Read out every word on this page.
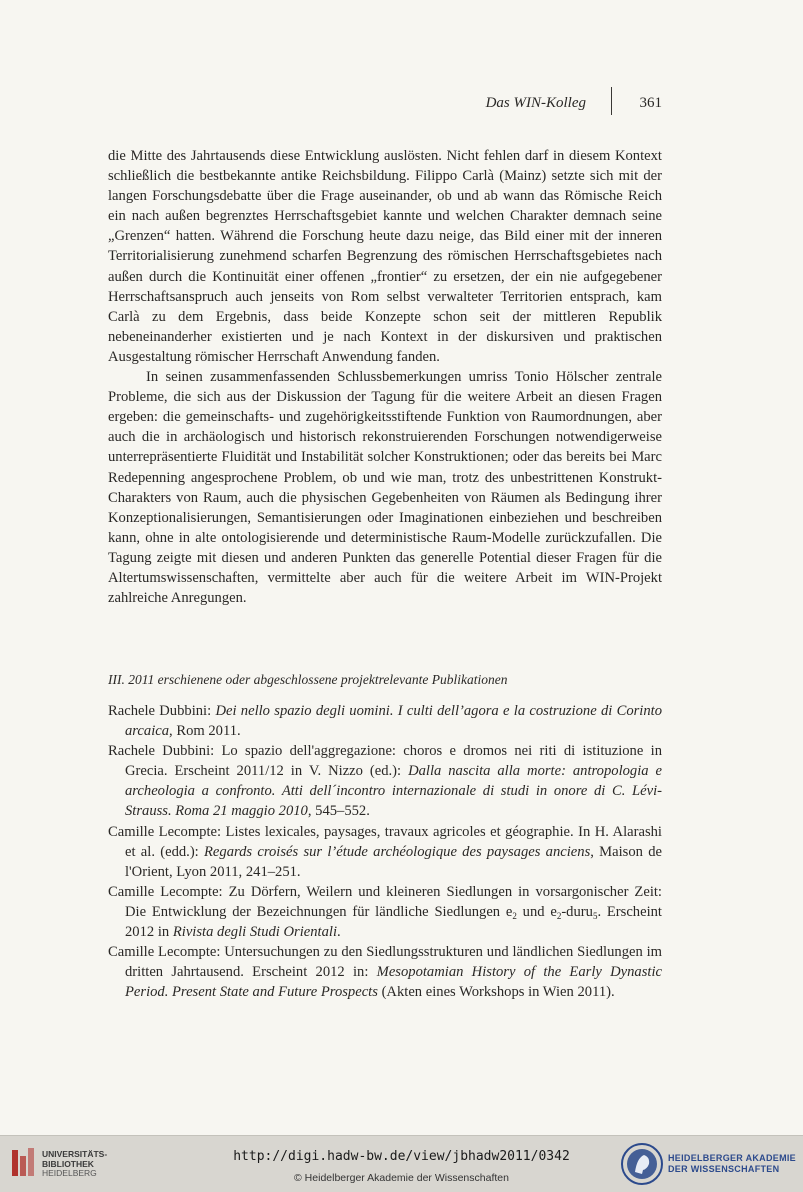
Das WIN-Kolleg	361

die Mitte des Jahrtausends diese Entwicklung auslösten. Nicht fehlen darf in diesem Kontext schließlich die bestbekannte antike Reichsbildung. Filippo Carlà (Mainz) setzte sich mit der langen Forschungsdebatte über die Frage auseinander, ob und ab wann das Römische Reich ein nach außen begrenztes Herrschaftsgebiet kannte und welchen Charakter demnach seine „Grenzen“ hatten. Während die Forschung heute dazu neige, das Bild einer mit der inneren Territorialisierung zunehmend scharfen Begrenzung des römischen Herrschaftsgebietes nach außen durch die Kontinuität einer offenen „frontier“ zu ersetzen, der ein nie aufgegebener Herrschaftsanspruch auch jenseits von Rom selbst verwalteter Territorien entsprach, kam Carlà zu dem Ergebnis, dass beide Konzepte schon seit der mittleren Republik nebeneinanderher existierten und je nach Kontext in der diskursiven und praktischen Ausgestaltung römischer Herrschaft Anwendung fanden.

In seinen zusammenfassenden Schlussbemerkungen umriss Tonio Hölscher zentrale Probleme, die sich aus der Diskussion der Tagung für die weitere Arbeit an diesen Fragen ergeben: die gemeinschafts- und zugehörigkeitsstiftende Funktion von Raumordnungen, aber auch die in archäologisch und historisch rekonstruierenden Forschungen notwendigerweise unterrepräsentierte Fluidität und Instabilität solcher Konstruktionen; oder das bereits bei Marc Redepenning angesprochene Problem, ob und wie man, trotz des unbestrittenen Konstrukt-Charakters von Raum, auch die physischen Gegebenheiten von Räumen als Bedingung ihrer Konzeptionalisierungen, Semantisierungen oder Imaginationen einbeziehen und beschreiben kann, ohne in alte ontologisierende und deterministische Raum-Modelle zurückzufallen. Die Tagung zeigte mit diesen und anderen Punkten das generelle Potential dieser Fragen für die Altertumswissenschaften, vermittelte aber auch für die weitere Arbeit im WIN-Projekt zahlreiche Anregungen.

III. 2011 erschienene oder abgeschlossene projektrelevante Publikationen
Rachele Dubbini: Dei nello spazio degli uomini. I culti dell’agora e la costruzione di Corinto arcaica, Rom 2011.
Rachele Dubbini: Lo spazio dell'aggregazione: choros e dromos nei riti di istituzione in Grecia. Erscheint 2011/12 in V. Nizzo (ed.): Dalla nascita alla morte: antropologia e archeologia a confronto. Atti dell´incontro internazionale di studi in onore di C. Lévi-Strauss. Roma 21 maggio 2010, 545–552.
Camille Lecompte: Listes lexicales, paysages, travaux agricoles et géographie. In H. Alarashi et al. (edd.): Regards croisés sur l’étude archéologique des paysages anciens, Maison de l'Orient, Lyon 2011, 241–251.
Camille Lecompte: Zu Dörfern, Weilern und kleineren Siedlungen in vorsargonischer Zeit: Die Entwicklung der Bezeichnungen für ländliche Siedlungen $e_2$ und $e_2-duru_5$. Erscheint 2012 in Rivista degli Studi Orientali.
Camille Lecompte: Untersuchungen zu den Siedlungsstrukturen und ländlichen Siedlungen im dritten Jahrtausend. Erscheint 2012 in: Mesopotamian History of the Early Dynastic Period. Present State and Future Prospects (Akten eines Workshops in Wien 2011).
UNIVERSITÄTS-
BIBLIOTHEK
HEIDELBERG
http://digi.hadw-bw.de/view/jbhadw2011/0342
© Heidelberger Akademie der Wissenschaften
HEIDELBERGER AKADEMIE
DER WISSENSCHAFTEN
